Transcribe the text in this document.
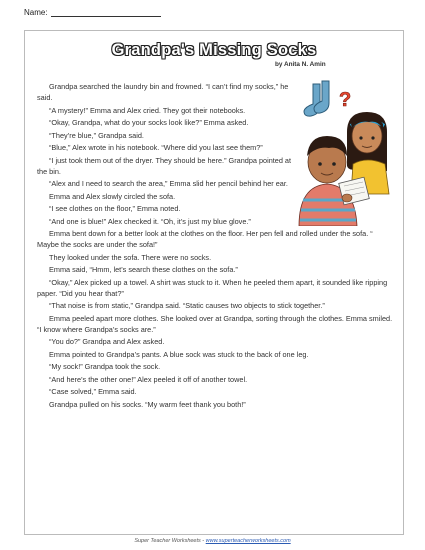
Name:
Grandpa's Missing Socks
by Anita N. Amin
?

Grandpa searched the laundry bin and frowned. “I can’t find my socks,” he said.

“A mystery!” Emma and Alex cried. They got their notebooks.

“Okay, Grandpa, what do your socks look like?” Emma asked.

“They’re blue,” Grandpa said.

“Blue,” Alex wrote in his notebook. “Where did you last see them?”

“I just took them out of the dryer. They should be here.” Grandpa pointed at the bin.

“Alex and I need to search the area,” Emma slid her pencil behind her ear.

Emma and Alex slowly circled the sofa.

“I see clothes on the floor,” Emma noted.

“And one is blue!” Alex checked it. “Oh, it’s just my blue glove.”

Emma bent down for a better look at the clothes on the floor. Her pen fell and rolled under the sofa. “ Maybe the socks are under the sofa!”

They looked under the sofa. There were no socks.

Emma said, “Hmm, let’s search these clothes on the sofa.”

“Okay,” Alex picked up a towel. A shirt was stuck to it. When he peeled them apart, it sounded like ripping paper. “Did you hear that?”

“That noise is from static,” Grandpa said. “Static causes two objects to stick together.”

Emma peeled apart more clothes. She looked over at Grandpa, sorting through the clothes. Emma smiled. “I know where Grandpa’s socks are.”

“You do?” Grandpa and Alex asked.

Emma pointed to Grandpa’s pants. A blue sock was stuck to the back of one leg.

“My sock!” Grandpa took the sock.

“And here’s the other one!” Alex peeled it off of another towel.

“Case solved,” Emma said.

Grandpa pulled on his socks. “My warm feet thank you both!”

Super Teacher Worksheets - www.superteacherworksheets.com
